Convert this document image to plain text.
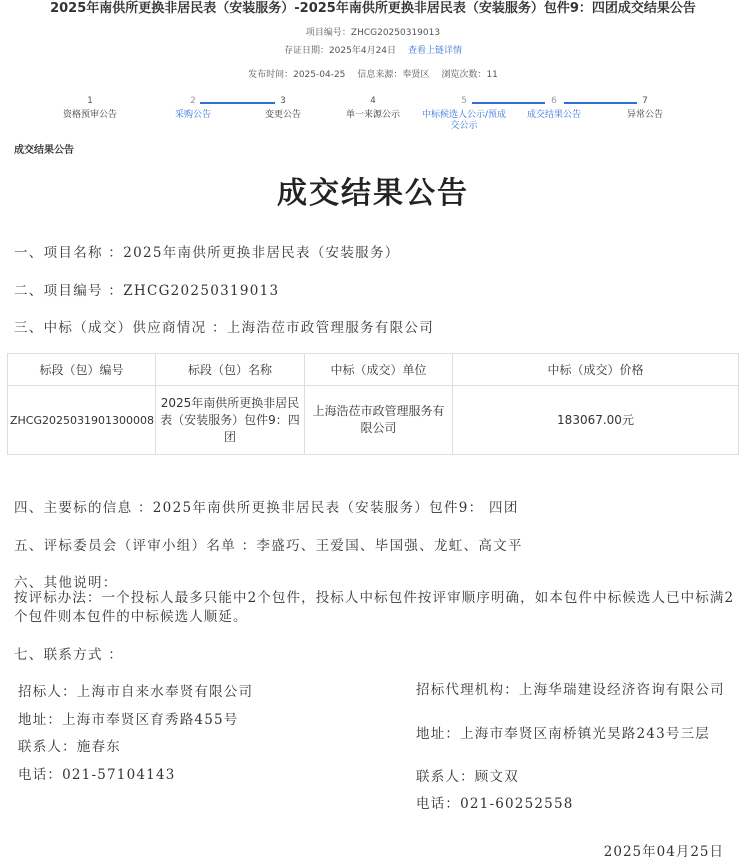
2025年南供所更换非居民表（安装服务）-2025年南供所更换非居民表（安装服务）包件9：四团成交结果公告
项目编号：ZHCG20250319013
存证日期：2025年4月24日 查看上链详情
发布时间：2025-04-25 信息来源：奉贤区 浏览次数：11
1
资格预审公告
2
采购公告
3
变更公告
4
单一来源公示
5
中标候选人公示/预成交公示
6
成交结果公告
7
异常公告
成交结果公告
成交结果公告
一、项目名称 ：2025年南供所更换非居民表（安装服务）
二、项目编号 ：ZHCG20250319013
三、中标（成交）供应商情况 ：上海浩莅市政管理服务有限公司
标段（包）编号	标段（包）名称	中标（成交）单位	中标（成交）价格
ZHCG2025031901300008	2025年南供所更换非居民表（安装服务）包件9：四团	上海浩莅市政管理服务有限公司	183067.00元
四、主要标的信息 ：2025年南供所更换非居民表（安装服务）包件9： 四团
五、评标委员会（评审小组）名单 ：李盛巧、王爱国、毕国强、龙虹、高文平
六、其他说明：
按评标办法：一个投标人最多只能中2个包件，投标人中标包件按评审顺序明确，如本包件中标候选人已中标满2个包件则本包件的中标候选人顺延。
七、联系方式 ：
招标人：上海市自来水奉贤有限公司
地址：上海市奉贤区育秀路455号
联系人：施春东
电话：021-57104143
招标代理机构：上海华瑞建设经济咨询有限公司
地址：上海市奉贤区南桥镇光昊路243号三层
联系人：顾文双
电话：021-60252558
2025年04月25日
